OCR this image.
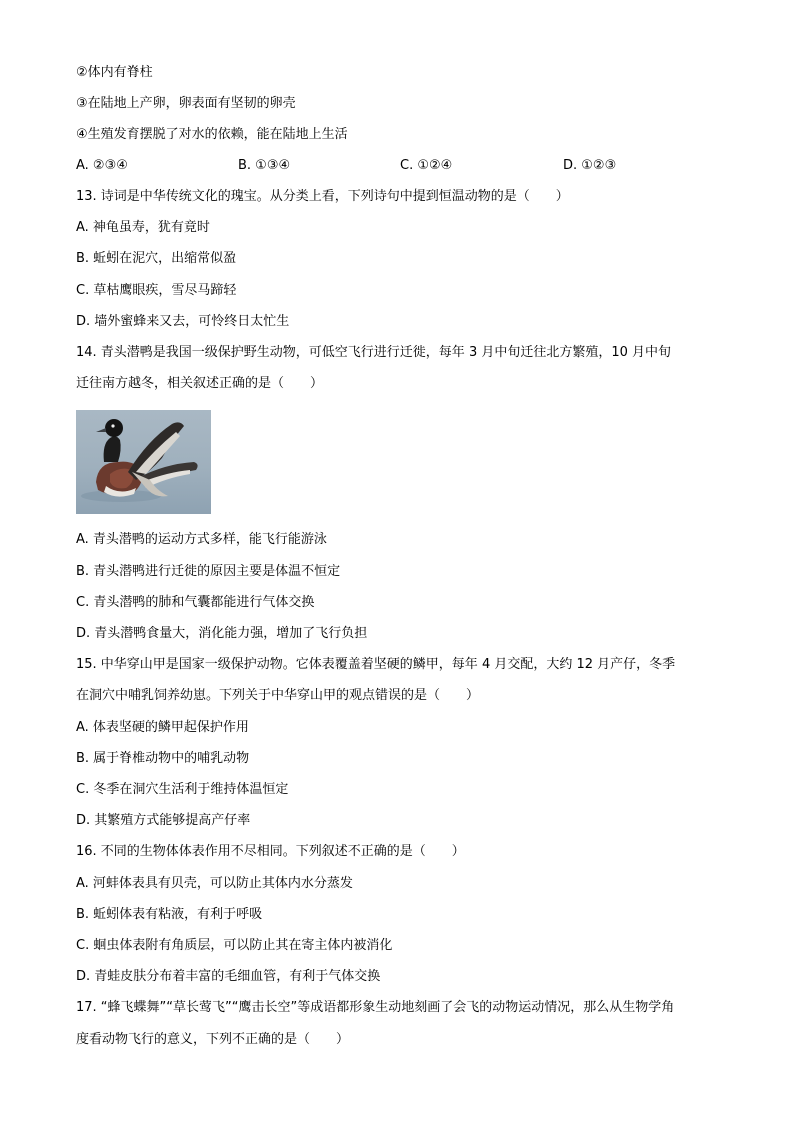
②体内有脊柱
③在陆地上产卵，卵表面有坚韧的卵壳
④生殖发育摆脱了对水的依赖，能在陆地上生活
A. ②③④	B. ①③④	C. ①②④	D. ①②③
13. 诗词是中华传统文化的瑰宝。从分类上看，下列诗句中提到恒温动物的是（　　）
A. 神龟虽寿，犹有竟时
B. 蚯蚓在泥穴，出缩常似盈
C. 草枯鹰眼疾，雪尽马蹄轻
D. 墙外蜜蜂来又去，可怜终日太忙生
14. 青头潜鸭是我国一级保护野生动物，可低空飞行进行迁徙，每年 3 月中旬迁往北方繁殖，10 月中旬
迁往南方越冬，相关叙述正确的是（　　）
A. 青头潜鸭的运动方式多样，能飞行能游泳
B. 青头潜鸭进行迁徙的原因主要是体温不恒定
C. 青头潜鸭的肺和气囊都能进行气体交换
D. 青头潜鸭食量大，消化能力强，增加了飞行负担
15. 中华穿山甲是国家一级保护动物。它体表覆盖着坚硬的鳞甲，每年 4 月交配，大约 12 月产仔，冬季
在洞穴中哺乳饲养幼崽。下列关于中华穿山甲的观点错误的是（　　）
A. 体表坚硬的鳞甲起保护作用
B. 属于脊椎动物中的哺乳动物
C. 冬季在洞穴生活利于维持体温恒定
D. 其繁殖方式能够提高产仔率
16. 不同的生物体体表作用不尽相同。下列叙述不正确的是（　　）
A. 河蚌体表具有贝壳，可以防止其体内水分蒸发
B. 蚯蚓体表有粘液，有利于呼吸
C. 蛔虫体表附有角质层，可以防止其在寄主体内被消化
D. 青蛙皮肤分布着丰富的毛细血管，有利于气体交换
17. “蜂飞蝶舞”“草长莺飞”“鹰击长空”等成语都形象生动地刻画了会飞的动物运动情况，那么从生物学角
度看动物飞行的意义，下列不正确的是（　　）
